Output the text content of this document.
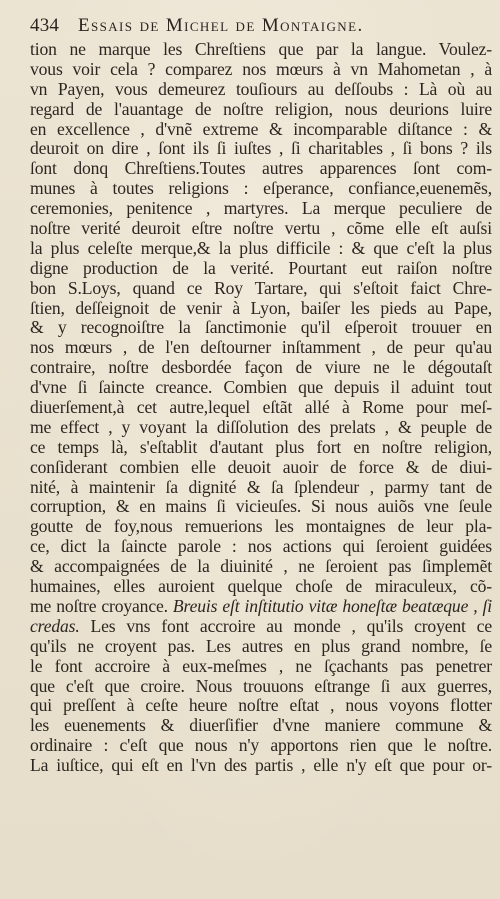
434 Essais de Michel de Montaigne.
tion ne marque les Chreſtiens que par la langue. Voulez-
vous voir cela ? comparez nos mœurs à vn Mahometan , à
vn Payen, vous demeurez touſiours au deſſoubs : Là où au
regard de l'auantage de noſtre religion, nous deurions luire
en excellence , d'vnẽ extreme & incomparable diſtance : &
deuroit on dire , ſont ils ſi iuſtes , ſi charitables , ſi bons ? ils
ſont donq Chreſtiens.Toutes autres apparences ſont com-
munes à toutes religions : eſperance, confiance,euenemẽs,
ceremonies, penitence , martyres. La merque peculiere de
noſtre verité deuroit eſtre noſtre vertu , cõme elle eſt auſsi
la plus celeſte merque,& la plus difficile : & que c'eſt la plus
digne production de la verité. Pourtant eut raiſon noſtre
bon S.Loys, quand ce Roy Tartare, qui s'eſtoit faict Chre-
ſtien, deſſeignoit de venir à Lyon, baiſer les pieds au Pape,
& y recognoiſtre la ſanctimonie qu'il eſperoit trouuer en
nos mœurs , de l'en deſtourner inſtamment , de peur qu'au
contraire, noſtre desbordée façon de viure ne le dégoutaſt
d'vne ſi ſaincte creance. Combien que depuis il aduint tout
diuerſement,à cet autre,lequel eſtãt allé à Rome pour meſ-
me effect , y voyant la diſſolution des prelats , & peuple de
ce temps là, s'eſtablit d'autant plus fort en noſtre religion,
conſiderant combien elle deuoit auoir de force & de diui-
nité, à maintenir ſa dignité & ſa ſplendeur , parmy tant de
corruption, & en mains ſi vicieuſes. Si nous auiõs vne ſeule
goutte de foy,nous remuerions les montaignes de leur pla-
ce, dict la ſaincte parole : nos actions qui ſeroient guidées
& accompaignées de la diuinité , ne ſeroient pas ſimplemẽt
humaines, elles auroient quelque choſe de miraculeux, cõ-
me noſtre croyance. Breuis eſt inſtitutio vitæ honeſtæ beatæque , ſi
credas. Les vns font accroire au monde , qu'ils croyent ce
qu'ils ne croyent pas. Les autres en plus grand nombre, ſe
le font accroire à eux-meſmes , ne ſçachants pas penetrer
que c'eſt que croire. Nous trouuons eſtrange ſi aux guerres,
qui preſſent à ceſte heure noſtre eſtat , nous voyons flotter
les euenements & diuerſifier d'vne maniere commune &
ordinaire : c'eſt que nous n'y apportons rien que le noſtre.
La iuſtice, qui eſt en l'vn des partis , elle n'y eſt que pour or-
